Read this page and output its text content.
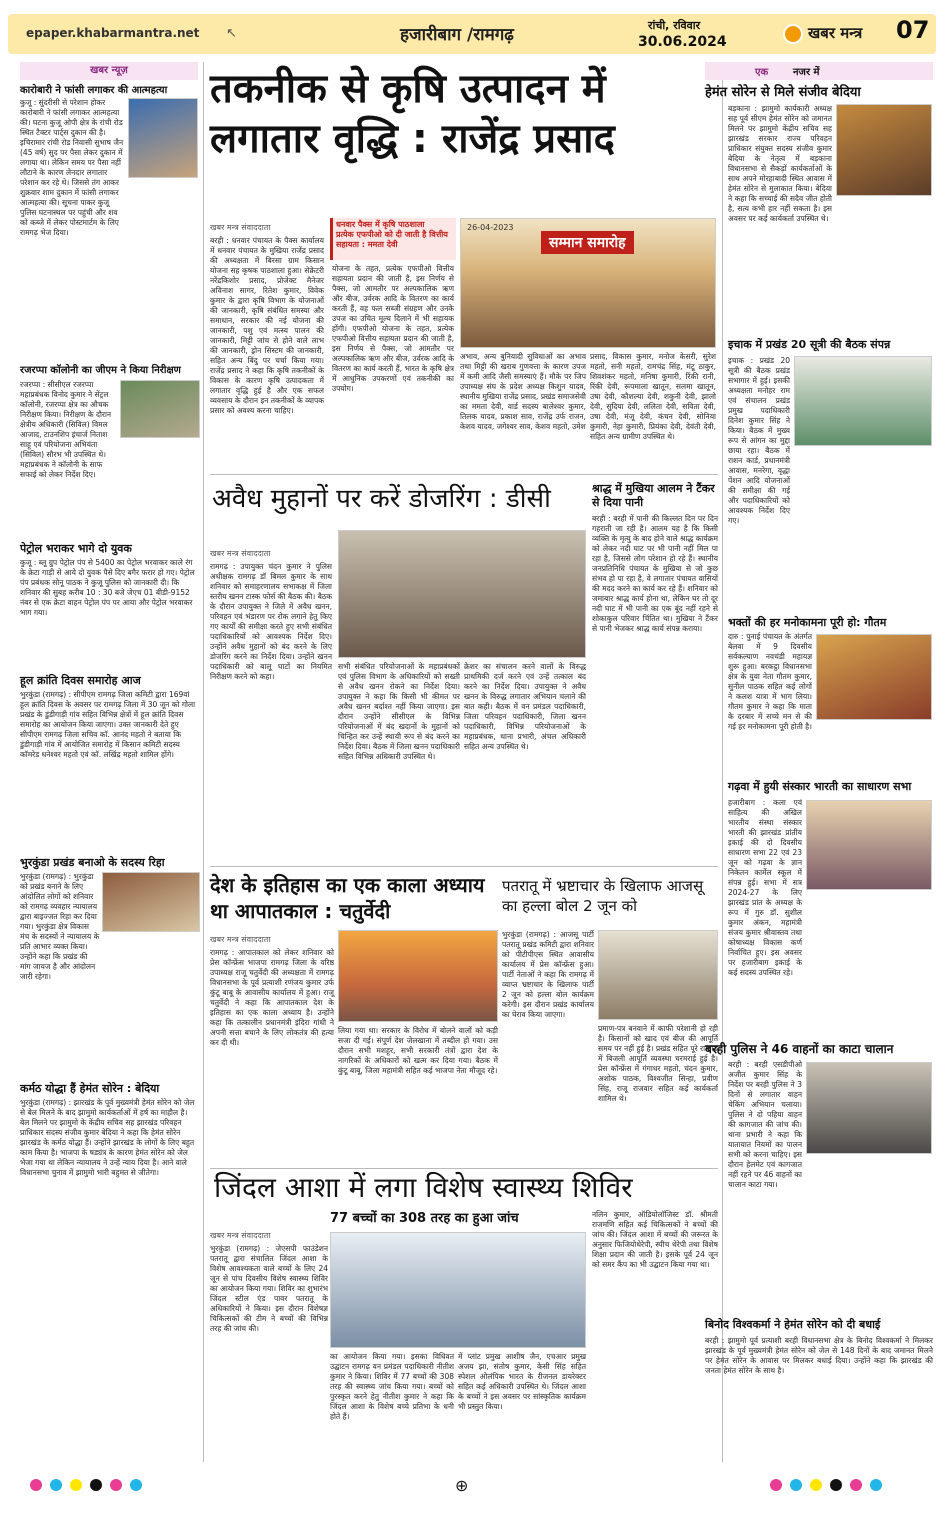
epaper.khabarmantra.net ↖	हजारीबाग /रामगढ़	रांची, रविवार
30.06.2024	खबर मन्त्र 07
खबर न्यूज़
कारोबारी ने फांसी लगाकर की आत्महत्या
कुजू : सुंदरीसी से परेशान होकर कारोबारी ने फांसी लगाकर आत्महत्या की। घटना कुजू ओपी क्षेत्र के रांची रोड स्थित टैक्टर पार्ट्स दुकान की है। इचिरामार रांची रोड निवासी सुभाष जैन (45 वर्ष) सुद पर पैसा लेकर दुकान में लगाया था। लेकिन समय पर पैसा नहीं लौटाने के कारण लेनदार लगातार परेशान कर रहे थे। जिससे तंग आकर शुक्रवार शाम दुकान में फांसी लगाकर आत्महत्या की। सूचना पाकर कुजू पुलिस घटनास्थल पर पहुंची और शव को कब्जे में लेकर पोस्टमार्टम के लिए रामगढ़ भेज दिया।
रजरप्पा कॉलोनी का जीएम ने किया निरीक्षण
रजरप्पा : सीसीएल रजरप्पा महाप्रबंधक विनोद कुमार ने सेंट्रल कॉलोनी, रजरप्पा क्षेत्र का औचक निरीक्षण किया। निरीक्षण के दौरान क्षेत्रीय अधिकारी (सिविल) विमल आजाद, टाउनशिप इंचार्ज निताश साहू एवं परियोजना अभियंता (सिविल) सौरभ भी उपस्थित थे। महाप्रबंधक ने कॉलोनी के साफ सफाई को लेकर निर्देश दिए।
पेट्रोल भराकर भागे दो युवक
कुजू : ब्लू ग्रुप पेट्रोल पंप से 5400 का पेट्रोल भरवाकर काले रंग के क्रेटा गाड़ी से आये दो युवक पैसे दिए बगैर फरार हो गए। पेट्रोल पंप प्रबंधक सोनू पाठक ने कुजू पुलिस को जानकारी दी। कि शनिवार की सुबह करीब 10 : 30 बजे जेएच 01 बीडी-9152 नंबर से एक क्रेटा वाहन पेट्रोल पंप पर आया और पेट्रोल भरवाकर भाग गया।
हूल क्रांति दिवस समारोह आज
भुरकुंडा (रामगढ़) : सीपीएम रामगढ़ जिला कमिटी द्वारा 169वां हूल क्रांति दिवस के अवसर पर रामगढ़ जिला में 30 जून को गोला प्रखंड के डुंडीगाड़ी गांव सहित विभिन्न क्षेत्रों में हूल क्रांति दिवस समारोह का आयोजन किया जाएगा। उक्त जानकारी देते हुए सीपीएम रामगढ़ जिला सचिव कॉ. आनंद महतो ने बताया कि डुंडीगाड़ी गांव में आयोजित समारोह में किसान कमिटी सदस्य कॉमरेड धनेश्वर महतो एवं कॉ. लखिंद्र महतो शामिल होंगे।
भुरकुंडा प्रखंड बनाओ के सदस्य रिहा
भुरकुंडा (रामगढ़) : भुरकुंडा को प्रखंड बनाने के लिए आंदोलित लोगों को शनिवार को रामगढ़ व्यवहार न्यायालय द्वारा बाइज्जत रिहा कर दिया गया। भुरकुंडा क्षेत्र विकास मंच के सदस्यों ने न्यायालय के प्रति आभार व्यक्त किया। उन्होंने कहा कि प्रखंड की मांग जायज है और आंदोलन जारी रहेगा।
कर्मठ योद्धा हैं हेमंत सोरेन : बेदिया
भुरकुंडा (रामगढ़) : झारखंड के पूर्व मुख्यमंत्री हेमंत सोरेन को जेल से बेल मिलने के बाद झामुमो कार्यकर्ताओं में हर्ष का माहौल है। बेल मिलने पर झामुमो के केंद्रीय सचिव सह झारखंड परिवहन प्राधिकार सदस्य संजीव कुमार बेदिया ने कहा कि हेमंत सोरेन झारखंड के कर्मठ योद्धा हैं। उन्होंने झारखंड के लोगों के लिए बहुत काम किया है। भाजपा के षड्यंत्र के कारण हेमंत सोरेन को जेल भेजा गया था लेकिन न्यायालय ने उन्हें न्याय दिया है। आने वाले विधानसभा चुनाव में झामुमो भारी बहुमत से जीतेगा।
तकनीक से कृषि उत्पादन में लगातार वृद्धि : राजेंद्र प्रसाद
खबर मन्त्र संवाददाता
बरही : धनवार पंचायत के पैक्स कार्यालय में धनवार पंचायत के मुखिया राजेंद्र प्रसाद की अध्यक्षता में बिरसा ग्राम किसान योजना सह कृषक पाठशाला हुआ। सेक्रेटरी नरेंद्रकिशोर प्रसाद, प्रोजेक्ट मैनेजर अविनाश सागर, रितेश कुमार, विवेक कुमार के द्वारा कृषि विभाग के योजनाओं की जानकारी, कृषि संबंधित समस्या और समाधान, सरकार की नई योजना की जानकारी, पशु एवं मत्स्य पालन की जानकारी, मिट्टी जांच से होने वाले लाभ की जानकारी, ड्रोन सिस्टम की जानकारी, सहित अन्य बिंदु पर चर्चा किया गया। राजेंद्र प्रसाद ने कहा कि कृषि तकनीकों के विकास के कारण कृषि उत्पादकता में लगातार वृद्धि हुई है और एक सफल व्यवसाय के दौरान इन तकनीकों के व्यापक प्रसार को अवश्य करना चाहिए।
धनवार पैक्स में कृषि पाठशाला
प्रत्येक एफपीओ को दी जाती है वित्तीय सहायता : ममता देवी
योजना के तहत, प्रत्येक एफपीओ वित्तीय सहायता प्रदान की जाती है, इस निर्णय से पैक्स, जो आमतौर पर अल्पकालिक ऋण और बीज, उर्वरक आदि के वितरण का कार्य करती हैं, वह फल सब्जी संग्रहण और उनके उपज का उचित मूल्य दिलाने में भी सहायक होंगी। एफपीओ योजना के तहत, प्रत्येक एफपीओ वित्तीय सहायता प्रदान की जाती है, इस निर्णय से पैक्स, जो आमतौर पर अल्पकालिक ऋण और बीज, उर्वरक आदि के वितरण का कार्य करती हैं, भारत के कृषि क्षेत्र में आधुनिक उपकरणों एवं तकनीकी का उपयोग।
सम्मान समारोह
26-04-2023
अभाव, अन्य बुनियादी सुविधाओं का अभाव तथा मिट्टी की खराब गुणवत्ता के कारण उपज में कमी आदि जैसी समस्याएं हैं। मौके पर जिप उपाध्यक्ष संघ के प्रदेश अध्यक्ष किशुन यादव, स्थानीय मुखिया राजेंद्र प्रसाद, प्रखंड समाजसेवी का ममता देवी, वार्ड सदस्य बालेश्वर कुमार, तिलक यादव, प्रकाश साव, राजेंद्र उर्फ राजन, केशव यादव, जगेश्वर साव, केशव महतो, उमेश
प्रसाद, विकास कुमार, मनोज केसरी, सुरेश महतो, सनी महतो, रामचंद्र सिंह, मंटू ठाकुर, शिवशंकर महतो, मनिषा कुमारी, रिंकी रानी, रिंकी देवी, रूपमाला खातून, सलमा खातून, उषा देवी, कौशल्या देवी, शकुनी देवी, झालो देवी, सुदिया देवी, ललिता देवी, सविता देवी, उषा देवी, मंजू देवी, कंचन देवी, सोनिया कुमारी, नेहा कुमारी, प्रियंका देवी, देवंती देवी, सहित अन्य ग्रामीण उपस्थित थे।
अवैध मुहानों पर करें डोजरिंग : डीसी
खबर मन्त्र संवाददाता
रामगढ़ : उपायुक्त चंदन कुमार ने पुलिस अधीक्षक रामगढ़ डॉ बिमल कुमार के साथ शनिवार को समाहरणालय सभाकक्ष में जिला स्तरीय खनन टास्क फोर्स की बैठक की। बैठक के दौरान उपायुक्त ने जिले में अवैध खनन, परिवहन एवं भंडारण पर रोक लगाने हेतु किए गए कार्यों की समीक्षा करते हुए सभी संबंधित पदाधिकारियों को आवश्यक निर्देश दिए। उन्होंने अवैध मुहानों को बंद करने के लिए डोजरिंग करने का निर्देश दिया। उन्होंने खनन पदाधिकारी को बालू घाटों का नियमित निरीक्षण करने को कहा।
सभी संबंधित परियोजनाओं के महाप्रबंधकों एवं पुलिस विभाग के अधिकारियों को सख्ती से अवैध खनन रोकने का निर्देश दिया। उपायुक्त ने कहा कि किसी भी कीमत पर अवैध खनन बर्दाश्त नहीं किया जाएगा। इस दौरान उन्होंने सीसीएल के विभिन्न परियोजनाओं में बंद खदानों के मुहानों को चिन्हित कर उन्हें स्थायी रूप से बंद करने का निर्देश दिया। बैठक में जिला खनन पदाधिकारी सहित विभिन्न अधिकारी उपस्थित थे।
क्रेशर का संचालन करने वालों के विरुद्ध प्राथमिकी दर्ज करने एवं उन्हें तत्काल बंद करने का निर्देश दिया। उपायुक्त ने अवैध खनन के विरुद्ध लगातार अभियान चलाने की बात कही। बैठक में वन प्रमंडल पदाधिकारी, जिला परिवहन पदाधिकारी, जिला खनन पदाधिकारी, विभिन्न परियोजनाओं के महाप्रबंधक, थाना प्रभारी, अंचल अधिकारी सहित अन्य उपस्थित थे।
श्राद्ध में मुखिया आलम ने टैंकर से दिया पानी
बरही : बरही में पानी की किल्लत दिन पर दिन गहराती जा रही है। आलम यह है कि किसी व्यक्ति के मृत्यु के बाद होने वाले श्राद्ध कार्यक्रम को लेकर नदी घाट पर भी पानी नहीं मिल पा रहा है, जिससे लोग परेशान हो रहे हैं। स्थानीय जनप्रतिनिधि पंचायत के मुखिया से जो कुछ संभव हो पा रहा है, वे लगातार पंचायत वासियों की मदद करने का कार्य कर रहे हैं। शनिवार को जमाबार श्राद्ध कार्य होना था, लेकिन घर तो दूर नदी घाट में भी पानी का एक बूंद नहीं रहने से शोकाकुल परिवार चिंतित था। मुखिया ने टैंकर से पानी भेजकर श्राद्ध कार्य संपन्न कराया।
देश के इतिहास का एक काला अध्याय था आपातकाल : चतुर्वेदी
खबर मन्त्र संवाददाता
रामगढ़ : आपातकाल को लेकर शनिवार को प्रेस कॉन्फ्रेंस भाजपा रामगढ़ जिला के वरिष्ठ उपाध्यक्ष राजू चतुर्वेदी की अध्यक्षता में रामगढ़ विधानसभा के पूर्व प्रत्याशी रणंजय कुमार उर्फ कुंटू बाबू के आवासीय कार्यालय में हुआ। राजू चतुर्वेदी ने कहा कि आपातकाल देश के इतिहास का एक काला अध्याय है। उन्होंने कहा कि तत्कालीन प्रधानमंत्री इंदिरा गांधी ने अपनी सत्ता बचाने के लिए लोकतंत्र की हत्या कर दी थी।
लिया गया था। सरकार के विरोध में बोलने वालों को कड़ी सजा दी गई। संपूर्ण देश जेलखाना में तब्दील हो गया। उस दौरान सभी मशहूर, सभी सरकारी तंत्रों द्वारा देश के नागरिकों के अधिकारों को खत्म कर दिया गया। बैठक में कुंटू बाबू, जिला महामंत्री सहित कई भाजपा नेता मौजूद रहे।
पतरातू में भ्रष्टाचार के खिलाफ आजसू का हल्ला बोल 2 जून को
भुरकुंडा (रामगढ़) : आजसू पार्टी पतरातू प्रखंड कमिटी द्वारा शनिवार को पीटीपीएस स्थित आवासीय कार्यालय में प्रेस कॉन्फ्रेंस हुआ। पार्टी नेताओं ने कहा कि रामगढ़ में व्याप्त भ्रष्टाचार के खिलाफ पार्टी 2 जून को हल्ला बोल कार्यक्रम करेगी। इस दौरान प्रखंड कार्यालय का घेराव किया जाएगा।
प्रमाण-पत्र बनवाने में काफी परेशानी हो रही है। किसानों को खाद एवं बीज की आपूर्ति समय पर नहीं हुई है। प्रखंड सहित पूरे रामगढ़ में बिजली आपूर्ति व्यवस्था चरमराई हुई है। प्रेस कॉन्फ्रेंस में गंगाधर महतो, चंदन कुमार, अशोक पाठक, विश्वजीत सिन्हा, प्रवीण सिंह, राजू राजवार सहित कई कार्यकर्ता शामिल थे।
जिंदल आशा में लगा विशेष स्वास्थ्य शिविर
खबर मन्त्र संवाददाता
भुरकुंडा (रामगढ़) : जेएसपी फाउंडेशन पतरातू द्वारा संचालित जिंदल आशा के विशेष आवश्यकता वाले बच्चों के लिए 24 जून से पांच दिवसीय विशेष स्वास्थ्य शिविर का आयोजन किया गया। शिविर का शुभारंभ जिंदल स्टील एंड पावर पतरातू के अधिकारियों ने किया। इस दौरान विशेषज्ञ चिकित्सकों की टीम ने बच्चों की विभिन्न तरह की जांच की।
77 बच्चों का 308 तरह का हुआ जांच
का आयोजन किया गया। इसका विधिवत उद्घाटन रामगढ़ वन प्रमंडल पदाधिकारी नीतीश कुमार ने किया। शिविर में 77 बच्चों की 308 तरह की स्वास्थ्य जांच किया गया। बच्चों को पुरस्कृत करने हेतु नीतीश कुमार ने कहा कि जिंदल आशा के विशेष बच्चे प्रतिभा के धनी होते हैं।
में प्लांट प्रमुख आशीष जैन, एचआर प्रमुख अजय झा, संतोष कुमार, केसी सिंह सहित स्पेशल ओलंपिक भारत के रीजनल डायरेक्टर सहित कई अधिकारी उपस्थित थे। जिंदल आशा के बच्चों ने इस अवसर पर सांस्कृतिक कार्यक्रम भी प्रस्तुत किया।
नलिन कुमार, ऑडियोलॉजिस्ट डॉ. श्रीमती राजमणि सहित कई चिकित्सकों ने बच्चों की जांच की। जिंदल आशा में बच्चों की जरूरत के अनुसार फिजियोथेरेपी, स्पीच थेरेपी तथा विशेष शिक्षा प्रदान की जाती है। इसके पूर्व 24 जून को समर कैंप का भी उद्घाटन किया गया था।
एक नजर में
हेमंत सोरेन से मिले संजीव बेदिया
बड़काना : झामुमो कार्यकारी अध्यक्ष सह पूर्व सीएम हेमंत सोरेन को जमानत मिलने पर झामुमो केंद्रीय सचिव सह झारखंड सरकार राज्य परिवहन प्राधिकार संयुक्त सदस्य संजीव कुमार बेदिया के नेतृत्व में बड़काना विधानसभा से सैकड़ों कार्यकर्ताओं के साथ अपने मोरहाबादी स्थित आवास में हेमंत सोरेन से मुलाकात किया। बेदिया ने कहा कि सच्चाई की सदैव जीत होती है, सत्य कभी हार नहीं सकता है। इस अवसर पर कई कार्यकर्ता उपस्थित थे।
इचाक में प्रखंड 20 सूत्री की बैठक संपन्न
इचाक : प्रखंड 20 सूत्री की बैठक प्रखंड सभागार में हुई। इसकी अध्यक्षता मनोहर राम एवं संचालन प्रखंड प्रमुख पदाधिकारी दिनेश कुमार सिंह ने किया। बैठक में मुख्य रूप से आंगन का मुद्दा छाया रहा। बैठक में राशन कार्ड, प्रधानमंत्री आवास, मनरेगा, वृद्धा पेंशन आदि योजनाओं की समीक्षा की गई और पदाधिकारियों को आवश्यक निर्देश दिए गए।
भक्तों की हर मनोकामना पूरी हो: गौतम
दारु : पुनाई पंचायत के अंतर्गत बेलवा में 9 दिवसीय सर्वकल्याण नवचंडी महायज्ञ शुरू हुआ। बरकट्ठा विधानसभा क्षेत्र के युवा नेता गौतम कुमार, सुनील पाठक सहित कई लोगों ने कलश यात्रा में भाग लिया। गौतम कुमार ने कहा कि माता के दरबार में सच्चे मन से की गई हर मनोकामना पूरी होती है।
गढ़वा में हुयी संस्कार भारती का साधारण सभा
हजारीबाग : कला एवं साहित्य की अखिल भारतीय संस्था संस्कार भारती की झारखंड प्रांतीय इकाई की दो दिवसीय साधारण सभा 22 एवं 23 जून को गढ़वा के ज्ञान निकेतन कार्मेल स्कूल में संपन्न हुई। सभा में सत्र 2024-27 के लिए झारखंड प्रांत के अध्यक्ष के रूप में गुरु डॉ. सुशील कुमार अंकन, महामंत्री संजय कुमार श्रीवास्तव तथा कोषाध्यक्ष विकास कर्ण निर्वाचित हुए। इस अवसर पर हजारीबाग इकाई के कई सदस्य उपस्थित रहे।
बरही पुलिस ने 46 वाहनों का काटा चालान
बरही : बरही एसडीपीओ अजीत कुमार सिंह के निर्देश पर बरही पुलिस ने 3 दिनों से लगातार वाहन चेकिंग अभियान चलाया। पुलिस ने दो पहिया वाहन की कागजात की जांच की। थाना प्रभारी ने कहा कि यातायात नियमों का पालन सभी को करना चाहिए। इस दौरान हेलमेट एवं कागजात नहीं रहने पर 46 वाहनों का चालान काटा गया।
बिनोद विश्वकर्मा ने हेमंत सोरेन को दी बधाई
बरही : झामुमो पूर्व प्रत्याशी बरही विधानसभा क्षेत्र के बिनोद विश्वकर्मा ने मिलकर झारखंड के पूर्व मुख्यमंत्री हेमंत सोरेन को जेल से 148 दिनों के बाद जमानत मिलने पर हेमंत सोरेन के आवास पर मिलकर बधाई दिया। उन्होंने कहा कि झारखंड की जनता हेमंत सोरेन के साथ है।
⊕
